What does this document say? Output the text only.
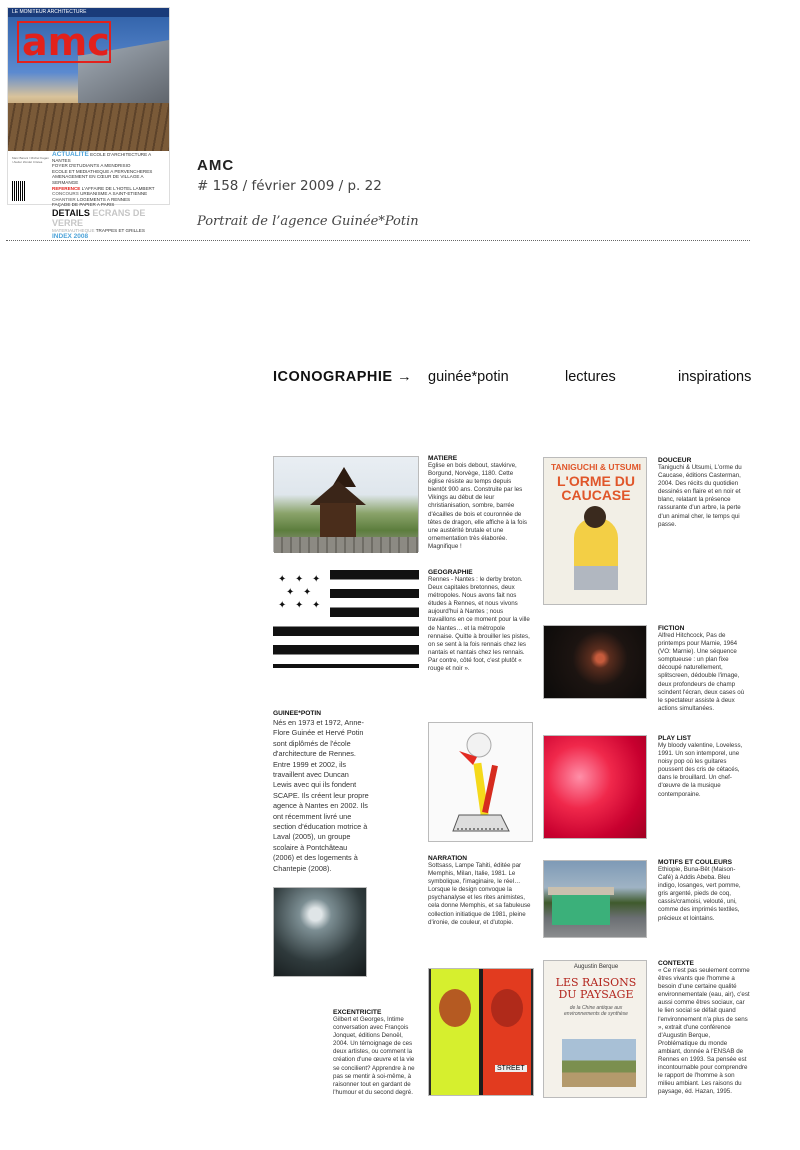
LE MONITEUR ARCHITECTURE
amc
Marc Barani / Michel Kagan / Atelier Zündel Cristea
ACTUALITE ECOLE D'ARCHITECTURE A NANTES
FOYER D'ETUDIANTS A MENDRISIO
ECOLE ET MEDIATHEQUE A PERVENCHERES
AMENAGEMENT EN CŒUR DE VILLAGE A SERMANGE
REFERENCE L'AFFAIRE DE L'HOTEL LAMBERT
CONCOURS URBANISME A SAINT-ETIENNE
CHANTIER LOGEMENTS A RENNES
FAÇADE DE PAPIER A PARIS
DETAILS ECRANS DE VERRE
MATERIAUTHEQUE TRAPPES ET GRILLES
INDEX 2008
AMC
# 158 / février 2009 / p. 22
Portrait de l’agence Guinée*Potin
ICONOGRAPHIE → guinée*potin	lectures	inspirations
✦ ✦ ✦
✦ ✦
✦ ✦ ✦
GUINEE*POTIN
Nés en 1973 et 1972, Anne-Flore Guinée et Hervé Potin sont diplômés de l'école d'architecture de Rennes. Entre 1999 et 2002, ils travaillent avec Duncan Lewis avec qui ils fondent SCAPE. Ils créent leur propre agence à Nantes en 2002. Ils ont récemment livré une section d'éducation motrice à Laval (2005), un groupe scolaire à Pontchâteau (2006) et des logements à Chantepie (2008).
EXCENTRICITE
Gilbert et Georges, Intime conversation avec François Jonquet, éditions Denoël, 2004. Un témoignage de ces deux artistes, ou comment la création d'une œuvre et la vie se concilient? Apprendre à ne pas se mentir à soi-même, à raisonner tout en gardant de l'humour et du second degré.
MATIERE
Eglise en bois debout, stavkirve, Borgund, Norvège, 1180. Cette église résiste au temps depuis bientôt 900 ans. Construite par les Vikings au début de leur christianisation, sombre, barrée d'écailles de bois et couronnée de têtes de dragon, elle affiche à la fois une austérité brutale et une ornementation très élaborée. Magnifique !
GEOGRAPHIE
Rennes - Nantes : le derby breton. Deux capitales bretonnes, deux métropoles. Nous avons fait nos études à Rennes, et nous vivons aujourd'hui à Nantes ; nous travaillons en ce moment pour la ville de Nantes… et la métropole rennaise. Quitte à brouiller les pistes, on se sent à la fois rennais chez les nantais et nantais chez les rennais. Par contre, côté foot, c'est plutôt « rouge et noir ».
NARRATION
Sottsass, Lampe Tahiti, éditée par Memphis, Milan, Italie, 1981. Le symbolique, l'imaginaire, le réel… Lorsque le design convoque la psychanalyse et les rites animistes, cela donne Memphis, et sa fabuleuse collection initiatique de 1981, pleine d'ironie, de couleur, et d'utopie.
STREET
TANIGUCHI & UTSUMI
L'ORME DU CAUCASE
Augustin Berque
LES RAISONS DU PAYSAGE
de la Chine antique aux environnements de synthèse
DOUCEUR
Taniguchi & Utsumi, L'orme du Caucase, éditions Casterman, 2004. Des récits du quotidien dessinés en flaire et en noir et blanc, relatant la présence rassurante d'un arbre, la perte d'un animal cher, le temps qui passe.
FICTION
Alfred Hitchcock, Pas de printemps pour Marnie, 1964 (VO: Marnie). Une séquence somptueuse : un plan fixe découpé naturellement, splitscreen, dédouble l'image, deux profondeurs de champ scindent l'écran, deux cases où le spectateur assiste à deux actions simultanées.
PLAY LIST
My bloody valentine, Loveless, 1991. Un son intemporel, une noisy pop où les guitares poussent des cris de cétacés, dans le brouillard. Un chef-d'œuvre de la musique contemporaine.
MOTIFS ET COULEURS
Ethiopie, Buna-Bêt (Maison-Café) à Addis Abeba. Bleu indigo, losanges, vert pomme, gris argenté, pieds de coq, cassis/cramoisi, velouté, uni, comme des imprimés textiles, précieux et lointains.
CONTEXTE
« Ce n'est pas seulement comme êtres vivants que l'homme a besoin d'une certaine qualité environnementale (eau, air), c'est aussi comme êtres sociaux, car le lien social se défait quand l'environnement n'a plus de sens », extrait d'une conférence d'Augustin Berque, Problématique du monde ambiant, donnée à l'ENSAB de Rennes en 1993. Sa pensée est incontournable pour comprendre le rapport de l'homme à son milieu ambiant. Les raisons du paysage, éd. Hazan, 1995.
